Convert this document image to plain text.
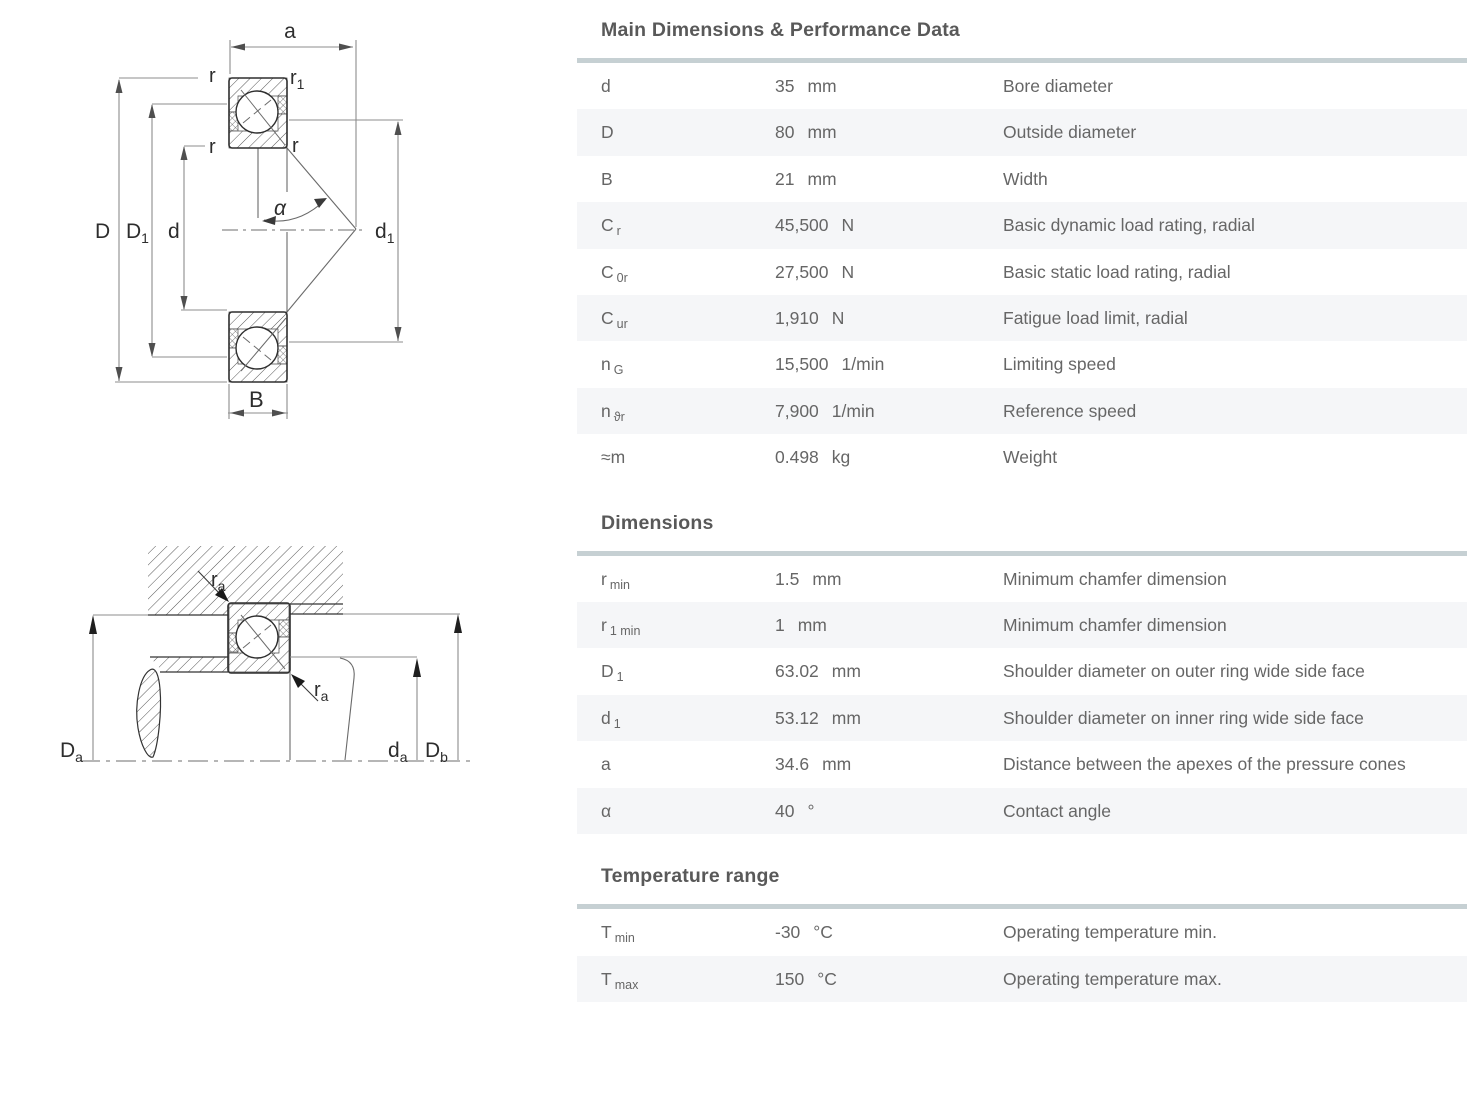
a
r	$r_1$
r	r
α
D $D_1$ d	$d_1$
B
$r_a$
$r_a$
$D_a$	$d_a$ $D_b$
Main Dimensions & Performance Data
d	35 mm	Bore diameter
D	80 mm	Outside diameter
B	21 mm	Width
C $_r$	45,500 N	Basic dynamic load rating, radial
C $_{0r}$	27,500 N	Basic static load rating, radial
C $_{ur}$	1,910 N	Fatigue load limit, radial
n $_G$	15,500 1/min	Limiting speed
n $_{ϑr}$	7,900 1/min	Reference speed
≈m	0.498 kg	Weight
Dimensions
r $_{min}$	1.5 mm	Minimum chamfer dimension
r $_{1 min}$	1 mm	Minimum chamfer dimension
D $_1$	63.02 mm	Shoulder diameter on outer ring wide side face
d $_1$	53.12 mm	Shoulder diameter on inner ring wide side face
a	34.6 mm	Distance between the apexes of the pressure cones
α	40 °	Contact angle
Temperature range
T $_{min}$	-30 °C	Operating temperature min.
T $_{max}$	150 °C	Operating temperature max.
